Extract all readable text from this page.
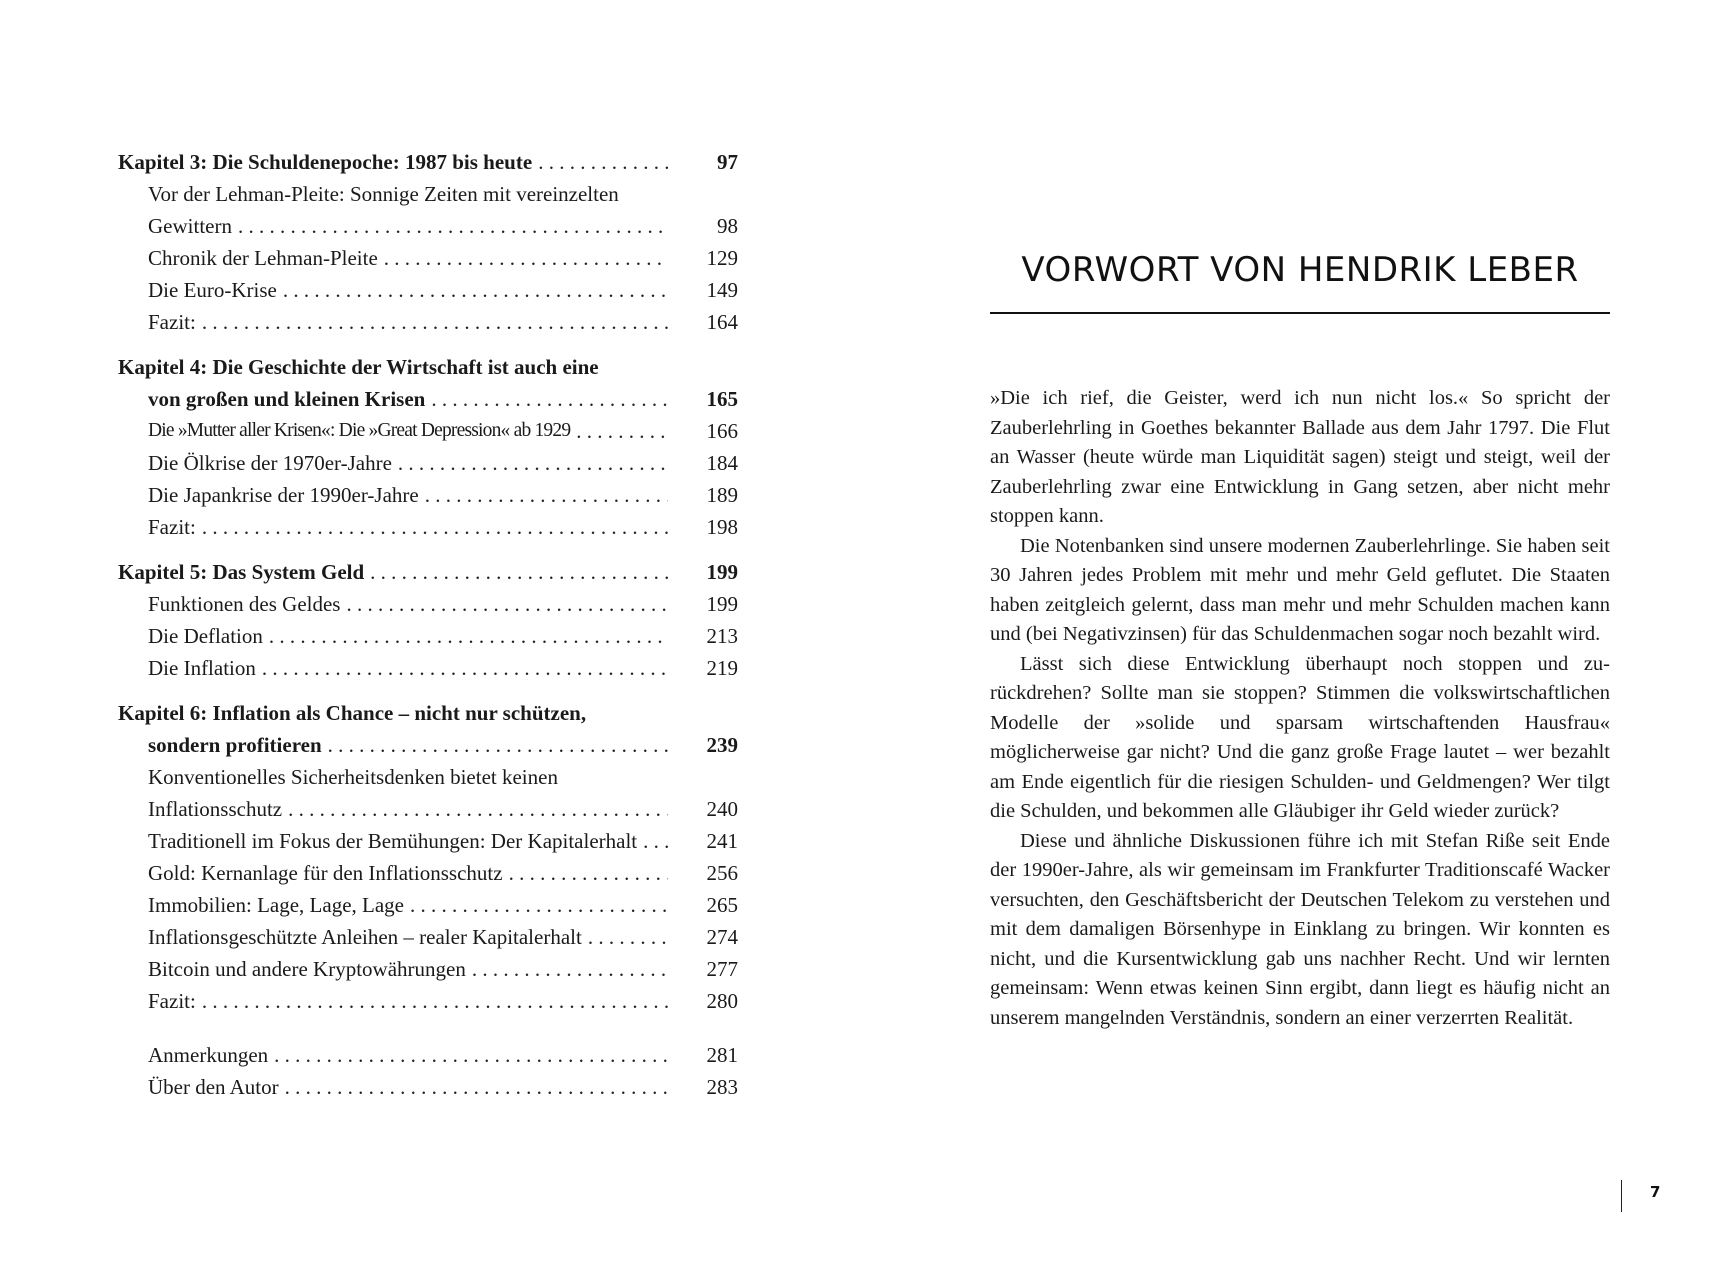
Kapitel 3: Die Schuldenepoche: 1987 bis heute . . .	97
Vor der Lehman-Pleite: Sonnige Zeiten mit vereinzelten
Gewittern . . .	98
Chronik der Lehman-Pleite . . .	129
Die Euro-Krise . . .	149
Fazit: . . .	164
Kapitel 4: Die Geschichte der Wirtschaft ist auch eine
von großen und kleinen Krisen . . .	165
Die »Mutter aller Krisen«: Die »Great Depression« ab 1929 . . .	166
Die Ölkrise der 1970er-Jahre . . .	184
Die Japankrise der 1990er-Jahre . . .	189
Fazit: . . .	198
Kapitel 5: Das System Geld . . .	199
Funktionen des Geldes . . .	199
Die Deflation . . .	213
Die Inflation . . .	219
Kapitel 6: Inflation als Chance – nicht nur schützen,
sondern profitieren . . .	239
Konventionelles Sicherheitsdenken bietet keinen
Inflationsschutz . . .	240
Traditionell im Fokus der Bemühungen: Der Kapitalerhalt . . .	241
Gold: Kernanlage für den Inflationsschutz . . .	256
Immobilien: Lage, Lage, Lage . . .	265
Inflationsgeschützte Anleihen – realer Kapitalerhalt . . .	274
Bitcoin und andere Kryptowährungen . . .	277
Fazit: . . .	280
Anmerkungen . . .	281
Über den Autor . . .	283
VORWORT VON HENDRIK LEBER

»Die ich rief, die Geister, werd ich nun nicht los.« So spricht der Zauberlehrling in Goethes bekannter Ballade aus dem Jahr 1797. Die Flut an Wasser (heute würde man Liquidität sagen) steigt und steigt, weil der Zauberlehrling zwar eine Entwicklung in Gang setzen, aber nicht mehr stoppen kann.

Die Notenbanken sind unsere modernen Zauberlehrlinge. Sie haben seit 30 Jahren jedes Problem mit mehr und mehr Geld geflutet. Die Staaten haben zeitgleich gelernt, dass man mehr und mehr Schulden machen kann und (bei Negativzinsen) für das Schuldenmachen sogar noch bezahlt wird.

Lässt sich diese Entwicklung überhaupt noch stoppen und zurückdrehen? Sollte man sie stoppen? Stimmen die volkswirtschaftlichen Modelle der »solide und sparsam wirtschaftenden Hausfrau« möglicherweise gar nicht? Und die ganz große Frage lautet – wer bezahlt am Ende eigentlich für die riesigen Schulden- und Geldmengen? Wer tilgt die Schulden, und bekommen alle Gläubiger ihr Geld wieder zurück?

Diese und ähnliche Diskussionen führe ich mit Stefan Riße seit Ende der 1990er-Jahre, als wir gemeinsam im Frankfurter Traditionscafé Wacker versuchten, den Geschäftsbericht der Deutschen Telekom zu verstehen und mit dem damaligen Börsenhype in Einklang zu bringen. Wir konnten es nicht, und die Kursentwicklung gab uns nachher Recht. Und wir lernten gemeinsam: Wenn etwas keinen Sinn ergibt, dann liegt es häufig nicht an unserem mangelnden Verständnis, sondern an einer verzerrten Realität.

7
